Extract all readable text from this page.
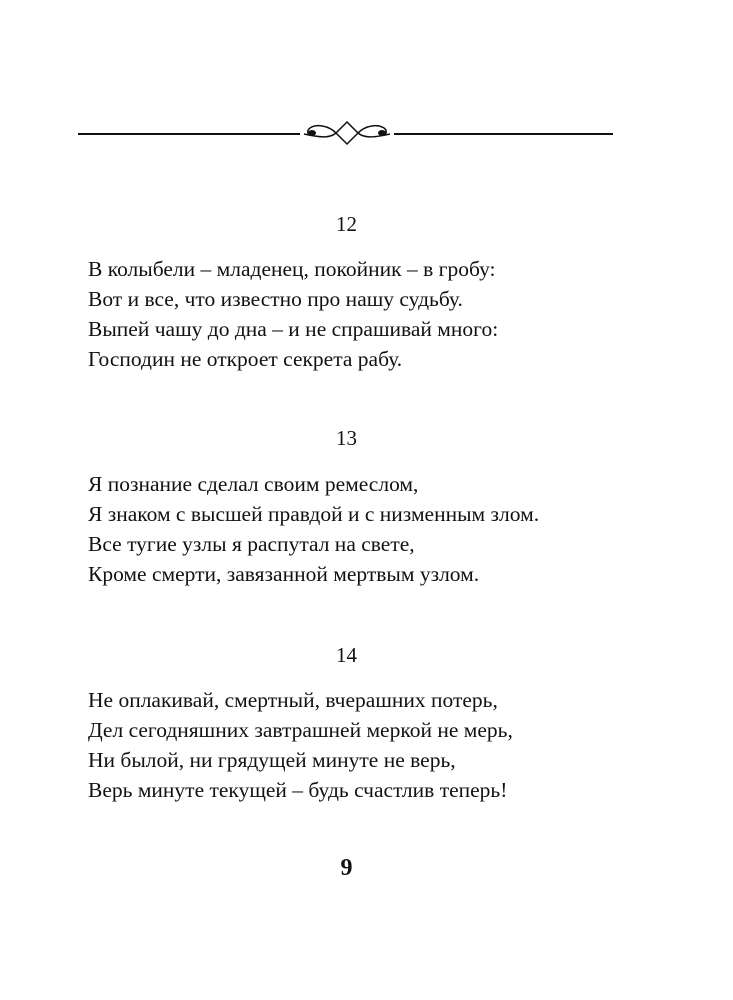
12
В колыбели – младенец, покойник – в гробу:
Вот и все, что известно про нашу судьбу.
Выпей чашу до дна – и не спрашивай много:
Господин не откроет секрета рабу.
13
Я познание сделал своим ремеслом,
Я знаком с высшей правдой и с низменным злом.
Все тугие узлы я распутал на свете,
Кроме смерти, завязанной мертвым узлом.
14
Не оплакивай, смертный, вчерашних потерь,
Дел сегодняшних завтрашней меркой не мерь,
Ни былой, ни грядущей минуте не верь,
Верь минуте текущей – будь счастлив теперь!
9
